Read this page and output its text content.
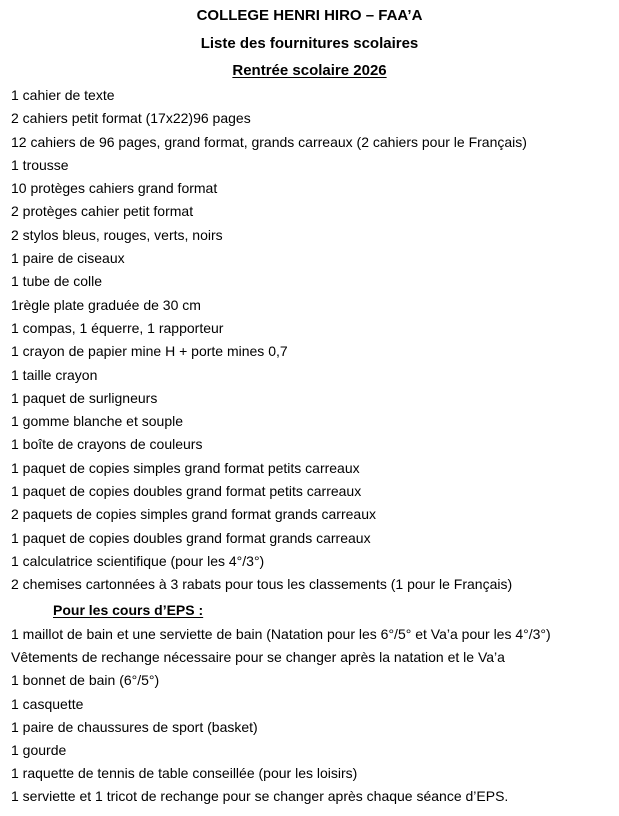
COLLEGE HENRI HIRO – FAA’A
Liste des fournitures scolaires
Rentrée scolaire 2026
1 cahier de texte
2 cahiers petit format (17x22)96 pages
12 cahiers de 96 pages, grand format, grands carreaux (2 cahiers pour le Français)
1 trousse
10 protèges cahiers grand format
2 protèges cahier petit format
2 stylos bleus, rouges, verts, noirs
1 paire de ciseaux
1 tube de colle
1règle plate graduée de 30 cm
1 compas, 1 équerre, 1 rapporteur
1 crayon de papier mine H + porte mines 0,7
1 taille crayon
1 paquet de surligneurs
1 gomme blanche et souple
1 boîte de crayons de couleurs
1 paquet de copies simples grand format petits carreaux
1 paquet de copies doubles grand format petits carreaux
2 paquets de copies simples grand format grands carreaux
1 paquet de copies doubles grand format grands carreaux
1 calculatrice scientifique (pour les 4°/3°)
2 chemises cartonnées à 3 rabats pour tous les classements (1 pour le Français)
Pour les cours d’EPS :
1 maillot de bain et une serviette de bain (Natation pour les 6°/5° et Va’a pour les 4°/3°)
Vêtements de rechange nécessaire pour se changer après la natation et le Va’a
1 bonnet de bain (6°/5°)
1 casquette
1 paire de chaussures de sport (basket)
1 gourde
1 raquette de tennis de table conseillée (pour les loisirs)
1 serviette et 1 tricot de rechange pour se changer après chaque séance d’EPS.
